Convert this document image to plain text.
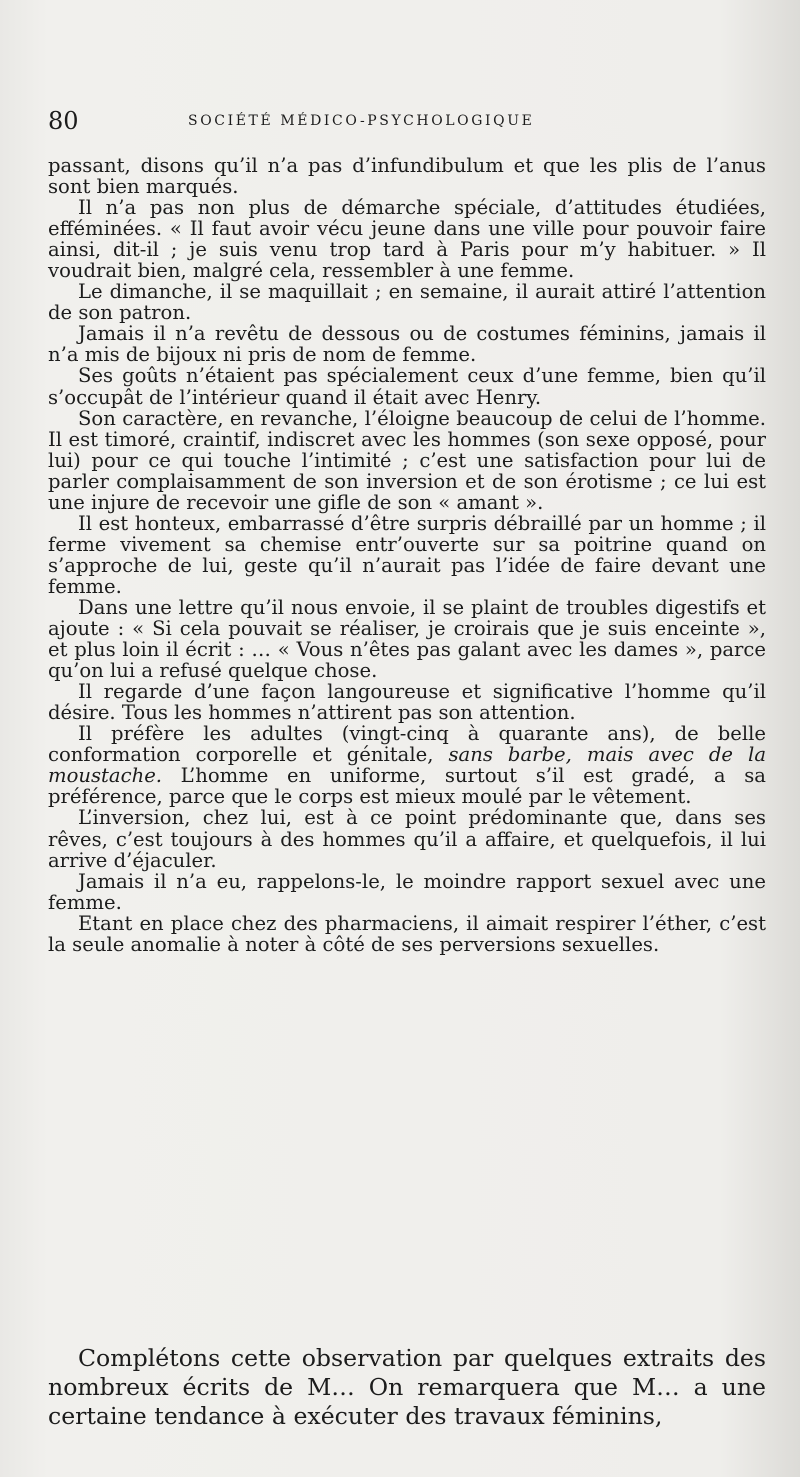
80	SOCIÉTÉ MÉDICO-PSYCHOLOGIQUE

passant, disons qu’il n’a pas d’infundibulum et que les plis de l’anus sont bien marqués.

Il n’a pas non plus de démarche spéciale, d’attitudes étudiées, efféminées. « Il faut avoir vécu jeune dans une ville pour pouvoir faire ainsi, dit-il ; je suis venu trop tard à Paris pour m’y habituer. » Il voudrait bien, malgré cela, ressembler à une femme.

Le dimanche, il se maquillait ; en semaine, il aurait attiré l’attention de son patron.

Jamais il n’a revêtu de dessous ou de costumes féminins, jamais il n’a mis de bijoux ni pris de nom de femme.

Ses goûts n’étaient pas spécialement ceux d’une femme, bien qu’il s’occupât de l’intérieur quand il était avec Henry.

Son caractère, en revanche, l’éloigne beaucoup de celui de l’homme. Il est timoré, craintif, indiscret avec les hommes (son sexe opposé, pour lui) pour ce qui touche l’intimité ; c’est une satisfaction pour lui de parler complaisamment de son inversion et de son érotisme ; ce lui est une injure de recevoir une gifle de son « amant ».

Il est honteux, embarrassé d’être surpris débraillé par un homme ; il ferme vivement sa chemise entr’ouverte sur sa poitrine quand on s’approche de lui, geste qu’il n’aurait pas l’idée de faire devant une femme.

Dans une lettre qu’il nous envoie, il se plaint de troubles digestifs et ajoute : « Si cela pouvait se réaliser, je croirais que je suis enceinte », et plus loin il écrit : … « Vous n’êtes pas galant avec les dames », parce qu’on lui a refusé quelque chose.

Il regarde d’une façon langoureuse et significative l’homme qu’il désire. Tous les hommes n’attirent pas son attention.

Il préfère les adultes (vingt-cinq à quarante ans), de belle conformation corporelle et génitale, sans barbe, mais avec de la moustache. L’homme en uniforme, surtout s’il est gradé, a sa préférence, parce que le corps est mieux moulé par le vêtement.

L’inversion, chez lui, est à ce point prédominante que, dans ses rêves, c’est toujours à des hommes qu’il a affaire, et quelquefois, il lui arrive d’éjaculer.

Jamais il n’a eu, rappelons-le, le moindre rapport sexuel avec une femme.

Etant en place chez des pharmaciens, il aimait respirer l’éther, c’est la seule anomalie à noter à côté de ses perversions sexuelles.

Complétons cette observation par quelques extraits des nombreux écrits de M… On remarquera que M… a une certaine tendance à exécuter des travaux féminins,
